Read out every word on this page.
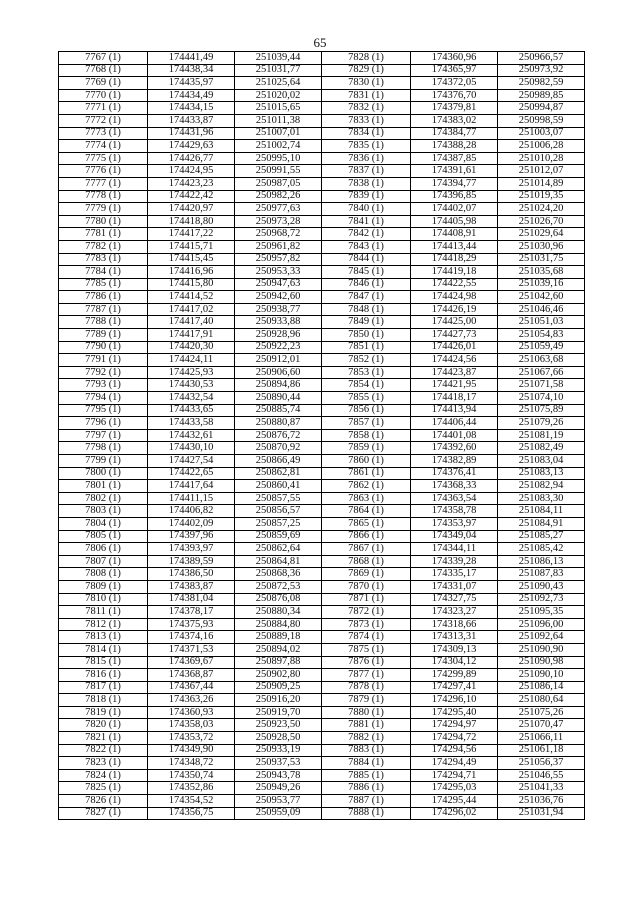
65
7767 (1)	174441,49	251039,44	7828 (1)	174360,96	250966,57
7768 (1)	174438,34	251031,77	7829 (1)	174365,97	250973,92
7769 (1)	174435,97	251025,64	7830 (1)	174372,05	250982,59
7770 (1)	174434,49	251020,02	7831 (1)	174376,70	250989,85
7771 (1)	174434,15	251015,65	7832 (1)	174379,81	250994,87
7772 (1)	174433,87	251011,38	7833 (1)	174383,02	250998,59
7773 (1)	174431,96	251007,01	7834 (1)	174384,77	251003,07
7774 (1)	174429,63	251002,74	7835 (1)	174388,28	251006,28
7775 (1)	174426,77	250995,10	7836 (1)	174387,85	251010,28
7776 (1)	174424,95	250991,55	7837 (1)	174391,61	251012,07
7777 (1)	174423,23	250987,05	7838 (1)	174394,77	251014,89
7778 (1)	174422,42	250982,26	7839 (1)	174396,85	251019,35
7779 (1)	174420,97	250977,63	7840 (1)	174402,07	251024,20
7780 (1)	174418,80	250973,28	7841 (1)	174405,98	251026,70
7781 (1)	174417,22	250968,72	7842 (1)	174408,91	251029,64
7782 (1)	174415,71	250961,82	7843 (1)	174413,44	251030,96
7783 (1)	174415,45	250957,82	7844 (1)	174418,29	251031,75
7784 (1)	174416,96	250953,33	7845 (1)	174419,18	251035,68
7785 (1)	174415,80	250947,63	7846 (1)	174422,55	251039,16
7786 (1)	174414,52	250942,60	7847 (1)	174424,98	251042,60
7787 (1)	174417,02	250938,77	7848 (1)	174426,19	251046,46
7788 (1)	174417,40	250933,88	7849 (1)	174425,00	251051,03
7789 (1)	174417,91	250928,96	7850 (1)	174427,73	251054,83
7790 (1)	174420,30	250922,23	7851 (1)	174426,01	251059,49
7791 (1)	174424,11	250912,01	7852 (1)	174424,56	251063,68
7792 (1)	174425,93	250906,60	7853 (1)	174423,87	251067,66
7793 (1)	174430,53	250894,86	7854 (1)	174421,95	251071,58
7794 (1)	174432,54	250890,44	7855 (1)	174418,17	251074,10
7795 (1)	174433,65	250885,74	7856 (1)	174413,94	251075,89
7796 (1)	174433,58	250880,87	7857 (1)	174406,44	251079,26
7797 (1)	174432,61	250876,72	7858 (1)	174401,08	251081,19
7798 (1)	174430,10	250870,92	7859 (1)	174392,60	251082,49
7799 (1)	174427,54	250866,49	7860 (1)	174382,89	251083,04
7800 (1)	174422,65	250862,81	7861 (1)	174376,41	251083,13
7801 (1)	174417,64	250860,41	7862 (1)	174368,33	251082,94
7802 (1)	174411,15	250857,55	7863 (1)	174363,54	251083,30
7803 (1)	174406,82	250856,57	7864 (1)	174358,78	251084,11
7804 (1)	174402,09	250857,25	7865 (1)	174353,97	251084,91
7805 (1)	174397,96	250859,69	7866 (1)	174349,04	251085,27
7806 (1)	174393,97	250862,64	7867 (1)	174344,11	251085,42
7807 (1)	174389,59	250864,81	7868 (1)	174339,28	251086,13
7808 (1)	174386,50	250868,36	7869 (1)	174335,17	251087,83
7809 (1)	174383,87	250872,53	7870 (1)	174331,07	251090,43
7810 (1)	174381,04	250876,08	7871 (1)	174327,75	251092,73
7811 (1)	174378,17	250880,34	7872 (1)	174323,27	251095,35
7812 (1)	174375,93	250884,80	7873 (1)	174318,66	251096,00
7813 (1)	174374,16	250889,18	7874 (1)	174313,31	251092,64
7814 (1)	174371,53	250894,02	7875 (1)	174309,13	251090,90
7815 (1)	174369,67	250897,88	7876 (1)	174304,12	251090,98
7816 (1)	174368,87	250902,80	7877 (1)	174299,89	251090,10
7817 (1)	174367,44	250909,25	7878 (1)	174297,41	251086,14
7818 (1)	174363,26	250916,20	7879 (1)	174296,10	251080,64
7819 (1)	174360,93	250919,70	7880 (1)	174295,40	251075,26
7820 (1)	174358,03	250923,50	7881 (1)	174294,97	251070,47
7821 (1)	174353,72	250928,50	7882 (1)	174294,72	251066,11
7822 (1)	174349,90	250933,19	7883 (1)	174294,56	251061,18
7823 (1)	174348,72	250937,53	7884 (1)	174294,49	251056,37
7824 (1)	174350,74	250943,78	7885 (1)	174294,71	251046,55
7825 (1)	174352,86	250949,26	7886 (1)	174295,03	251041,33
7826 (1)	174354,52	250953,77	7887 (1)	174295,44	251036,76
7827 (1)	174356,75	250959,09	7888 (1)	174296,02	251031,94
